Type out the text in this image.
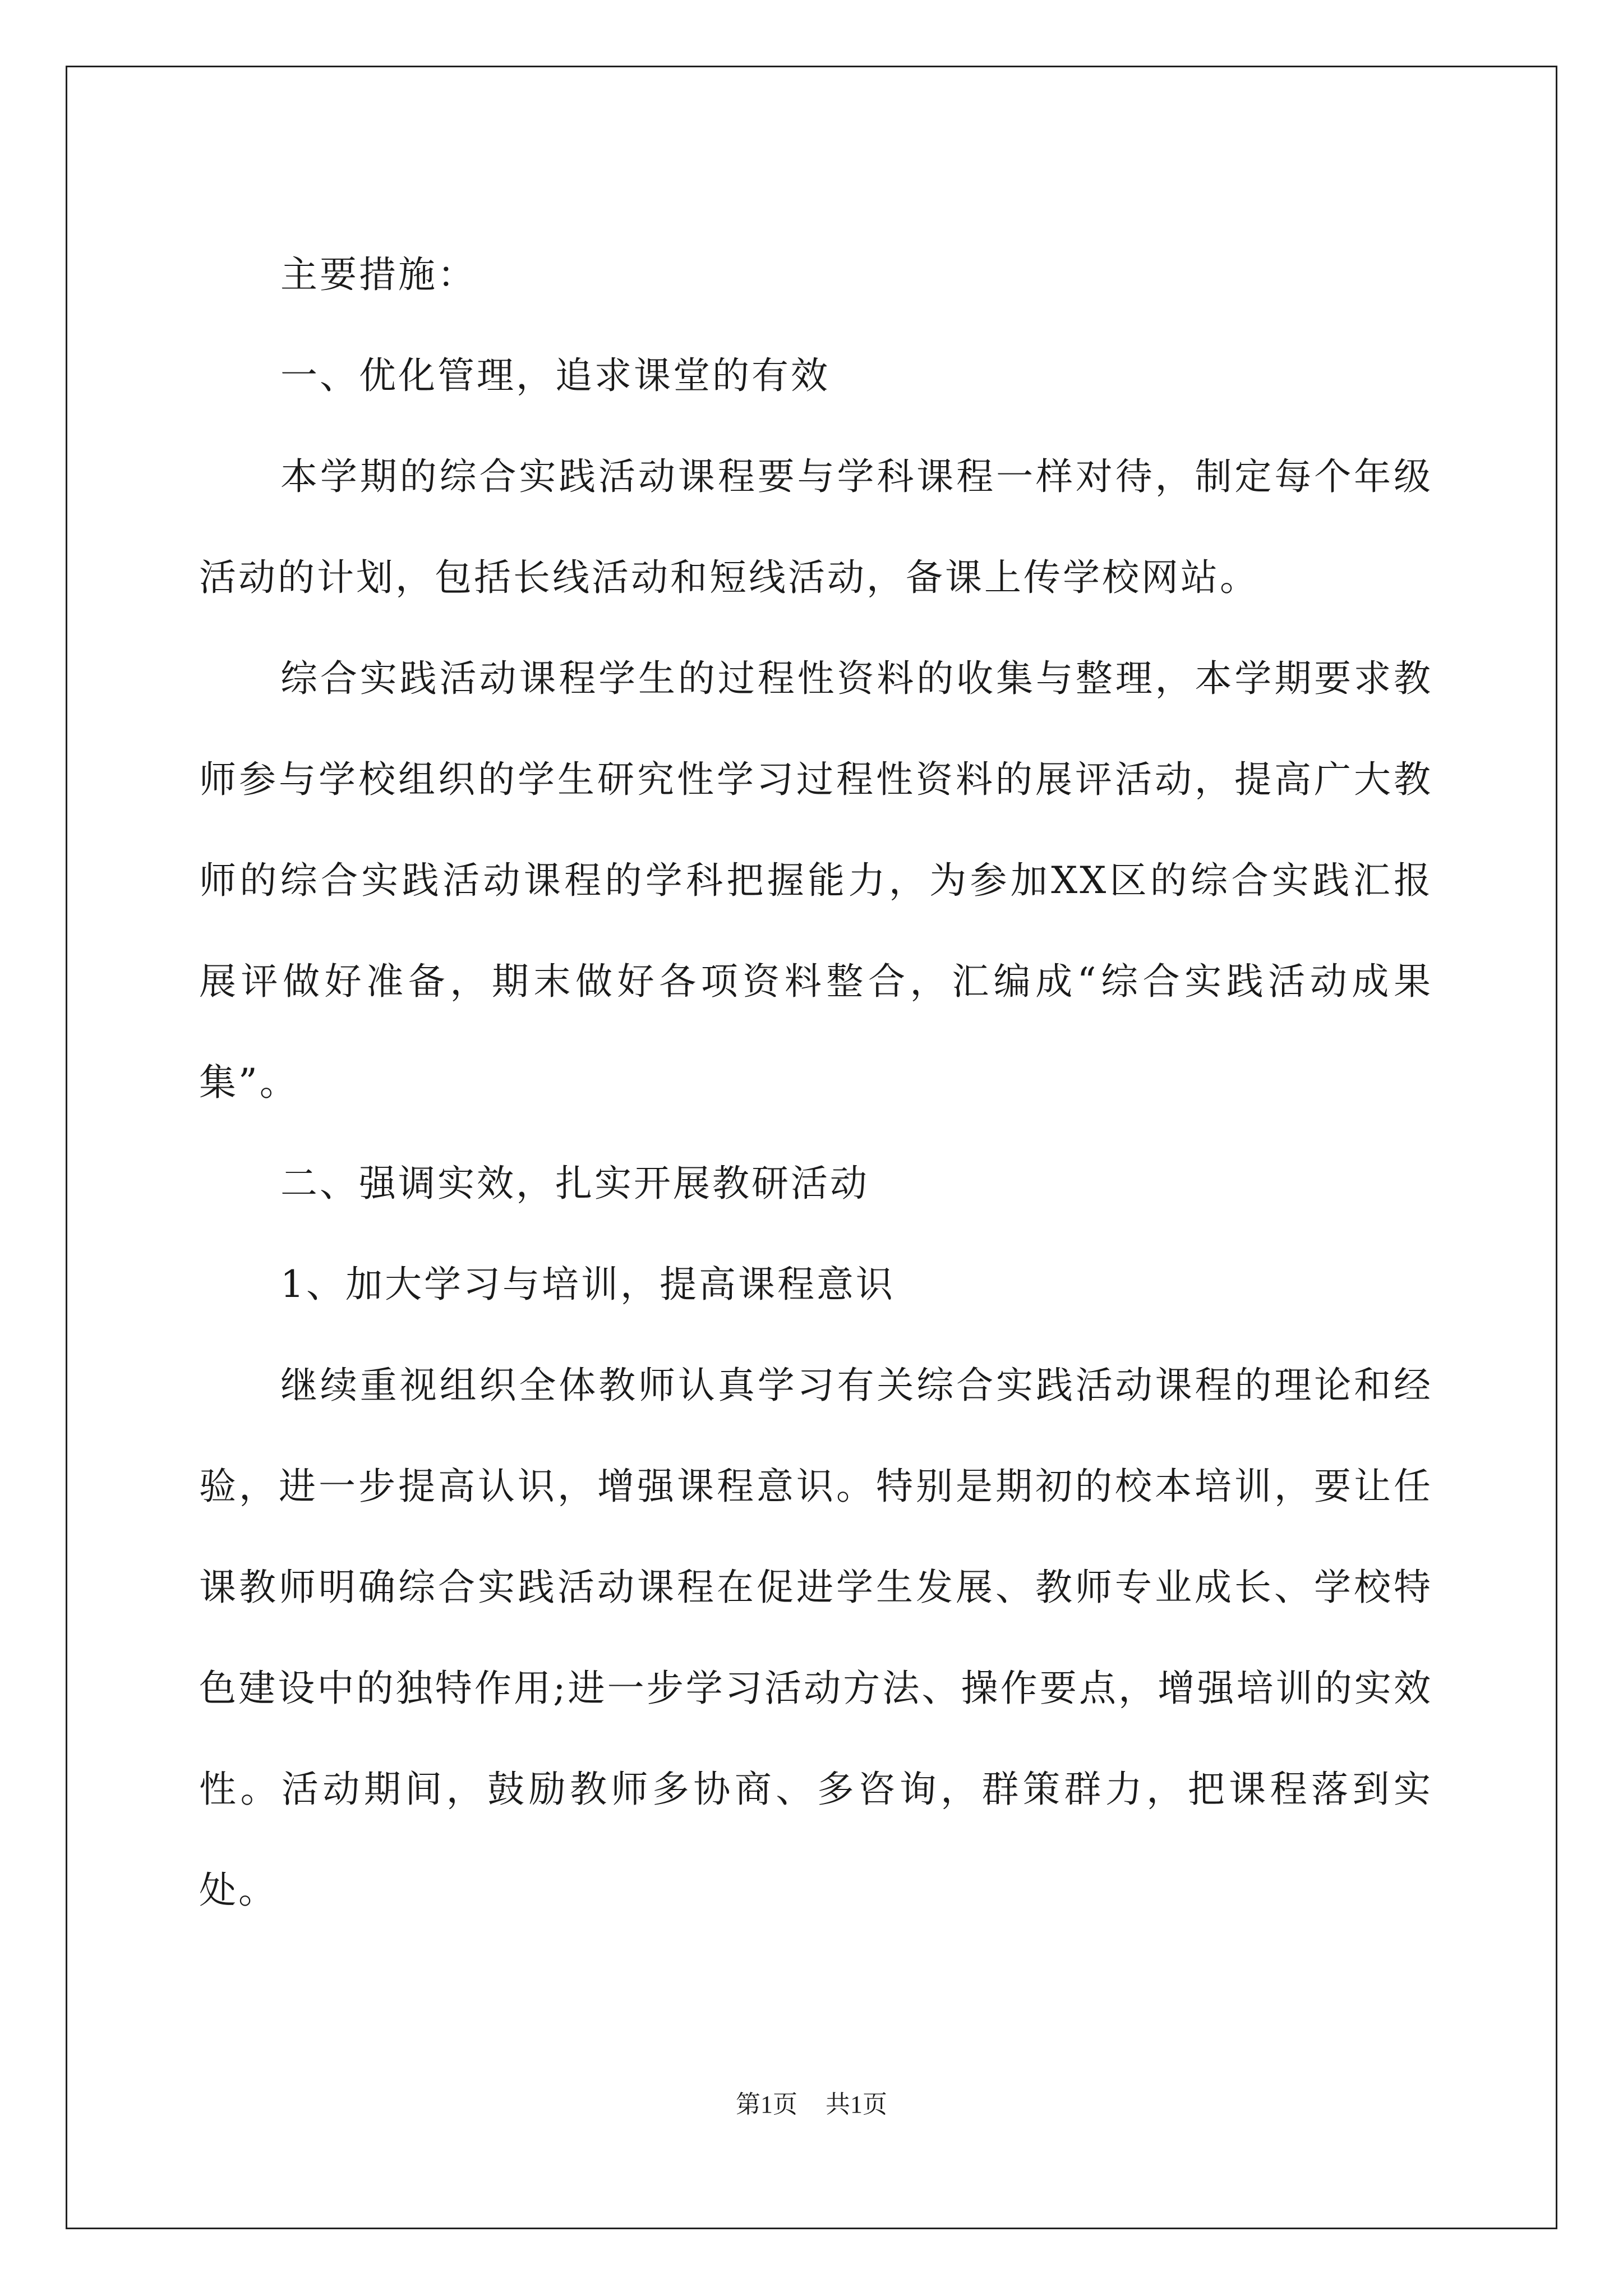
主要措施：

一、优化管理，追求课堂的有效

本学期的综合实践活动课程要与学科课程一样对待，制定每个年级活动的计划，包括长线活动和短线活动，备课上传学校网站。

综合实践活动课程学生的过程性资料的收集与整理，本学期要求教师参与学校组织的学生研究性学习过程性资料的展评活动，提高广大教师的综合实践活动课程的学科把握能力，为参加XX区的综合实践汇报展评做好准备，期末做好各项资料整合，汇编成“综合实践活动成果集”。

二、强调实效，扎实开展教研活动

1、加大学习与培训，提高课程意识

继续重视组织全体教师认真学习有关综合实践活动课程的理论和经验，进一步提高认识，增强课程意识。特别是期初的校本培训，要让任课教师明确综合实践活动课程在促进学生发展、教师专业成长、学校特色建设中的独特作用;进一步学习活动方法、操作要点，增强培训的实效性。活动期间，鼓励教师多协商、多咨询，群策群力，把课程落到实处。

第1页 共1页
